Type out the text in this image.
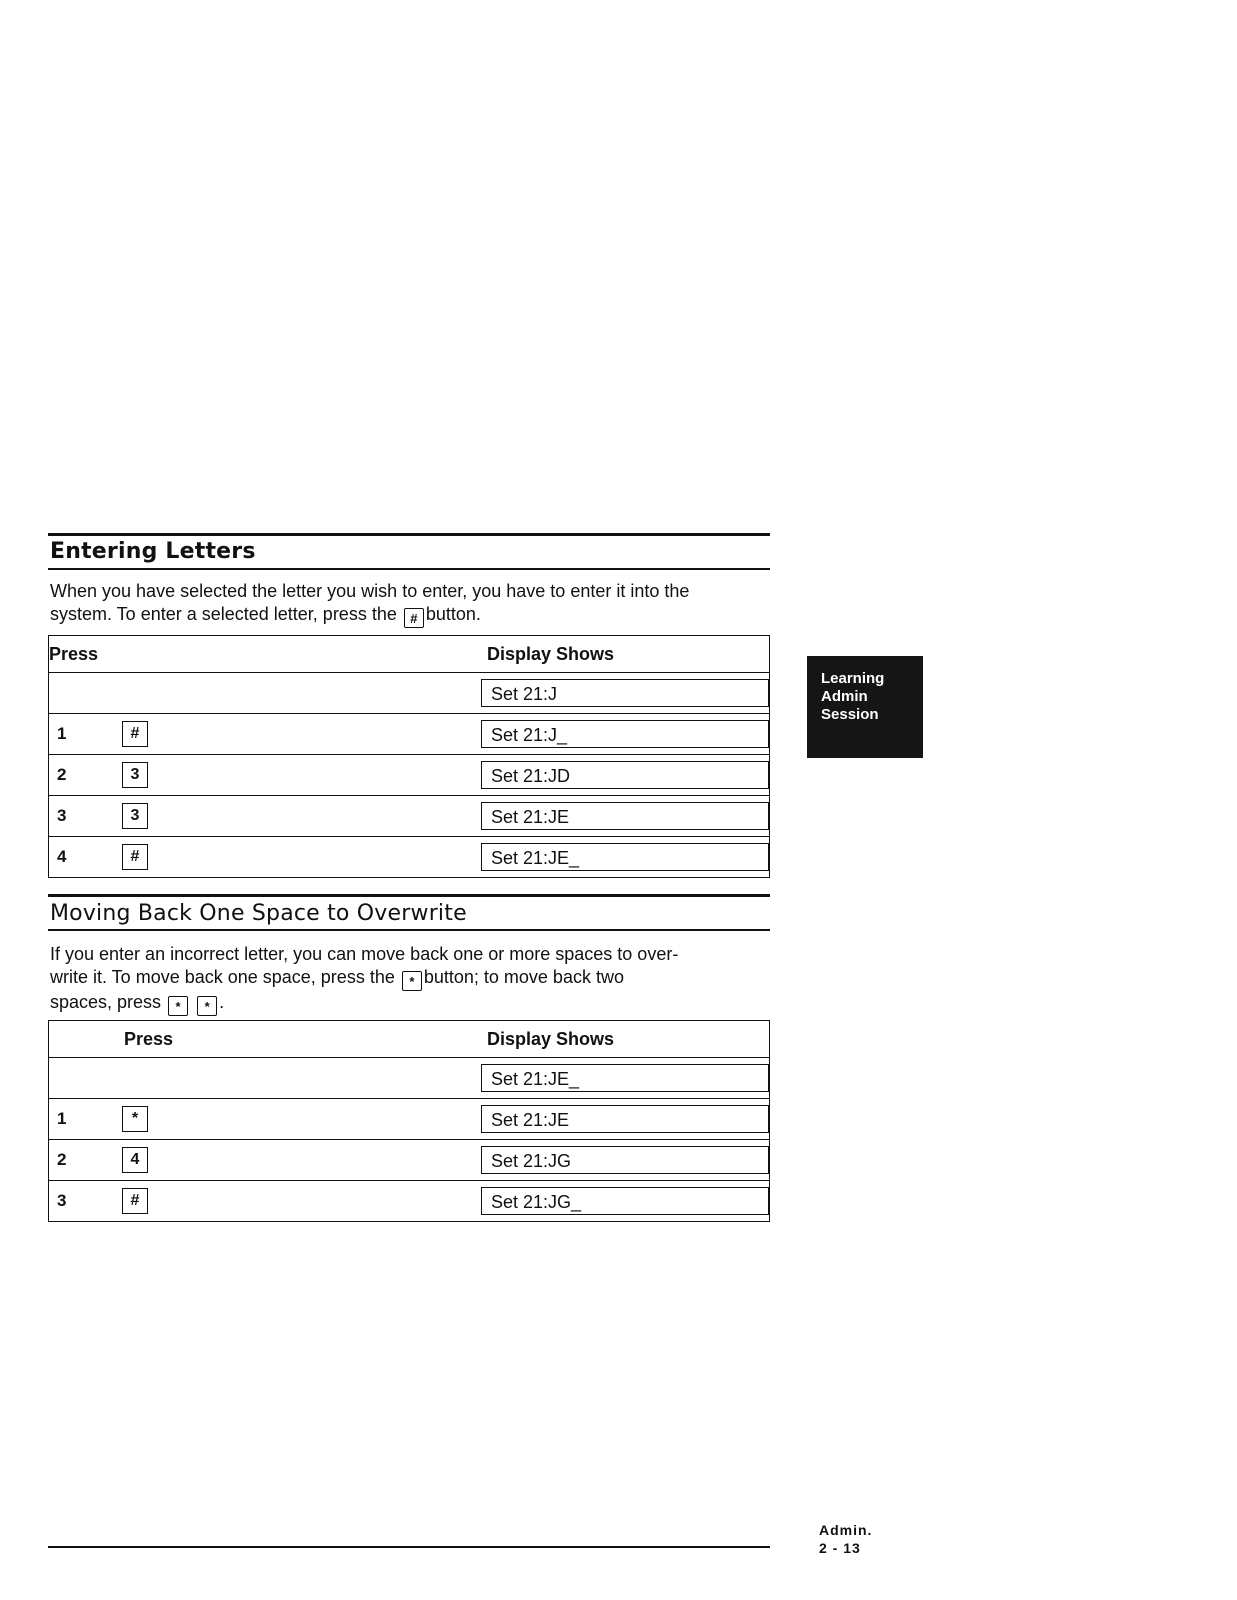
Entering Letters
When you have selected the letter you wish to enter, you have to enter it into the
system. To enter a selected letter, press the # button.
Press		Display Shows

		Set 21:J

1	#	Set 21:J_

2	3	Set 21:JD

3	3	Set 21:JE

4	#	Set 21:JE_
Moving Back One Space to Overwrite
If you enter an incorrect letter, you can move back one or more spaces to over-
write it. To move back one space, press the * button; to move back two
spaces, press * * .
Press		Display Shows

		Set 21:JE_

1	*	Set 21:JE

2	4	Set 21:JG

3	#	Set 21:JG_
Learning
Admin
Session
Admin.
2 - 13
